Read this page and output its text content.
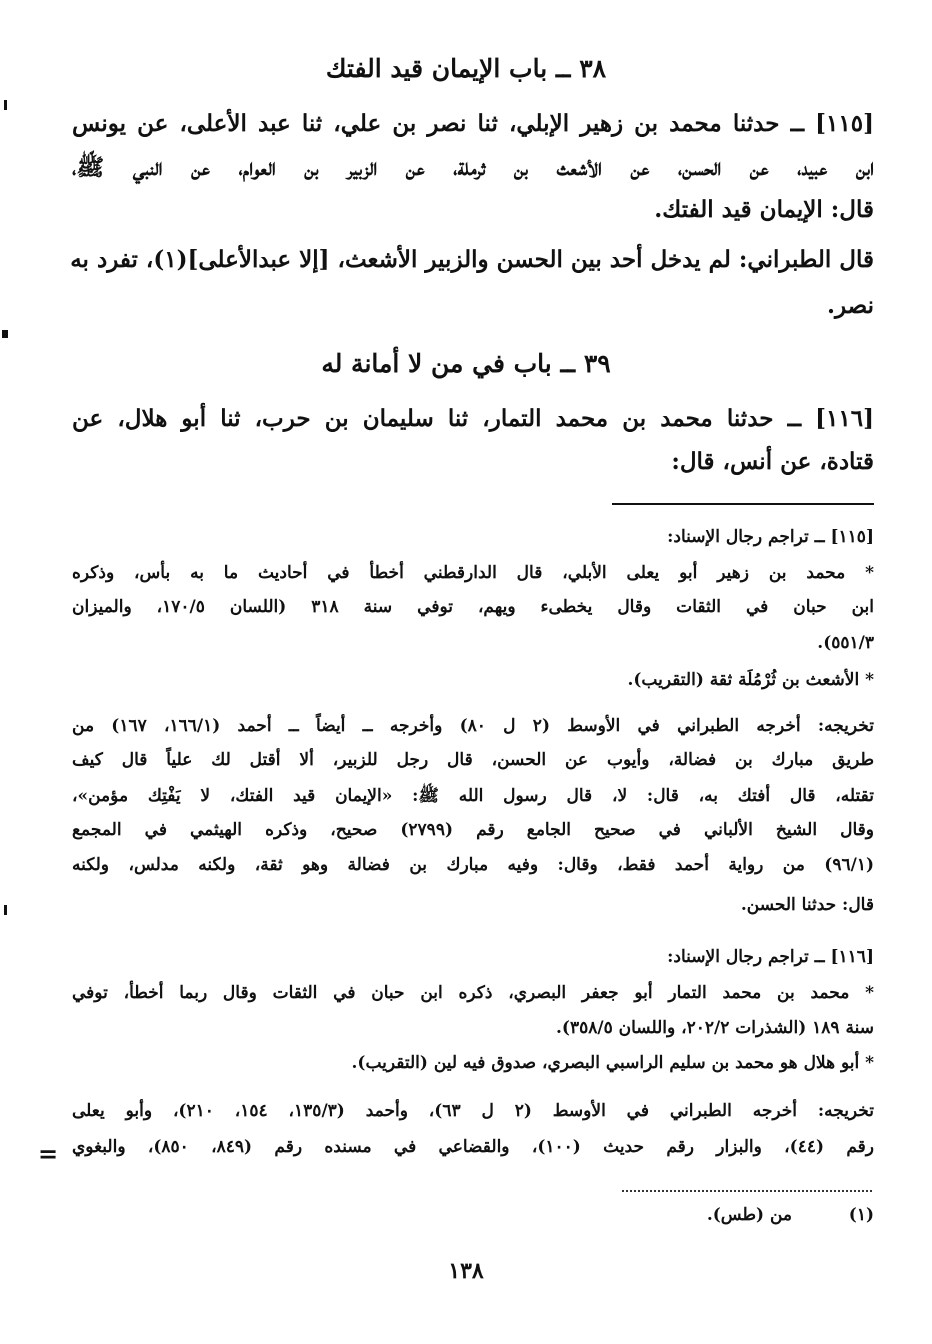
٣٨ ــ باب الإيمان قيد الفتك
[١١٥] ــ حدثنا محمد بن زهير الإبلي، ثنا نصر بن علي، ثنا عبد الأعلى، عن يونس
ابن عبيد، عن الحسن، عن الأشعث بن ثرملة، عن الزبير بن العوام، عن النبي ﷺ،
قال: الإيمان قيد الفتك.
قال الطبراني: لم يدخل أحد بين الحسن والزبير الأشعث، [إلا عبدالأعلى](١)، تفرد به
نصر.
٣٩ ــ باب في من لا أمانة له
[١١٦] ــ حدثنا محمد بن محمد التمار، ثنا سليمان بن حرب، ثنا أبو هلال، عن
قتادة، عن أنس، قال:
[١١٥] ــ تراجم رجال الإسناد:
* محمد بن زهير أبو يعلى الأبلي، قال الدارقطني أخطأ في أحاديث ما به بأس، وذكره
ابن حبان في الثقات وقال يخطىء ويهم، توفي سنة ٣١٨ (اللسان ١٧٠/٥، والميزان
٥٥١/٣).
* الأشعث بن ثُرْمُلَة ثقة (التقريب).
تخريجه: أخرجه الطبراني في الأوسط (٢ ل ٨٠) وأخرجه ــ أيضاً ــ أحمد (١٦٦/١، ١٦٧) من
طريق مبارك بن فضالة، وأيوب عن الحسن، قال رجل للزبير، ألا أقتل لك علياً قال كيف
تقتله، قال أفتك به، قال: لا، قال رسول الله ﷺ: «الإيمان قيد الفتك، لا يَفْتِك مؤمن»،
وقال الشيخ الألباني في صحيح الجامع رقم (٢٧٩٩) صحيح، وذكره الهيثمي في المجمع
(٩٦/١) من رواية أحمد فقط، وقال: وفيه مبارك بن فضالة وهو ثقة، ولكنه مدلس، ولكنه
قال: حدثنا الحسن.
[١١٦] ــ تراجم رجال الإسناد:
* محمد بن محمد التمار أبو جعفر البصري، ذكره ابن حبان في الثقات وقال ربما أخطأ، توفي
سنة ١٨٩ (الشذرات ٢٠٢/٢، واللسان ٣٥٨/٥).
* أبو هلال هو محمد بن سليم الراسبي البصري، صدوق فيه لين (التقريب).
تخريجه: أخرجه الطبراني في الأوسط (٢ ل ٦٣)، وأحمد (١٣٥/٣، ١٥٤، ٢١٠)، وأبو يعلى
رقم (٤٤)، والبزار رقم حديث (١٠٠)، والقضاعي في مسنده رقم (٨٤٩، ٨٥٠)، والبغوي
=
(١)
من (طس).
١٣٨
